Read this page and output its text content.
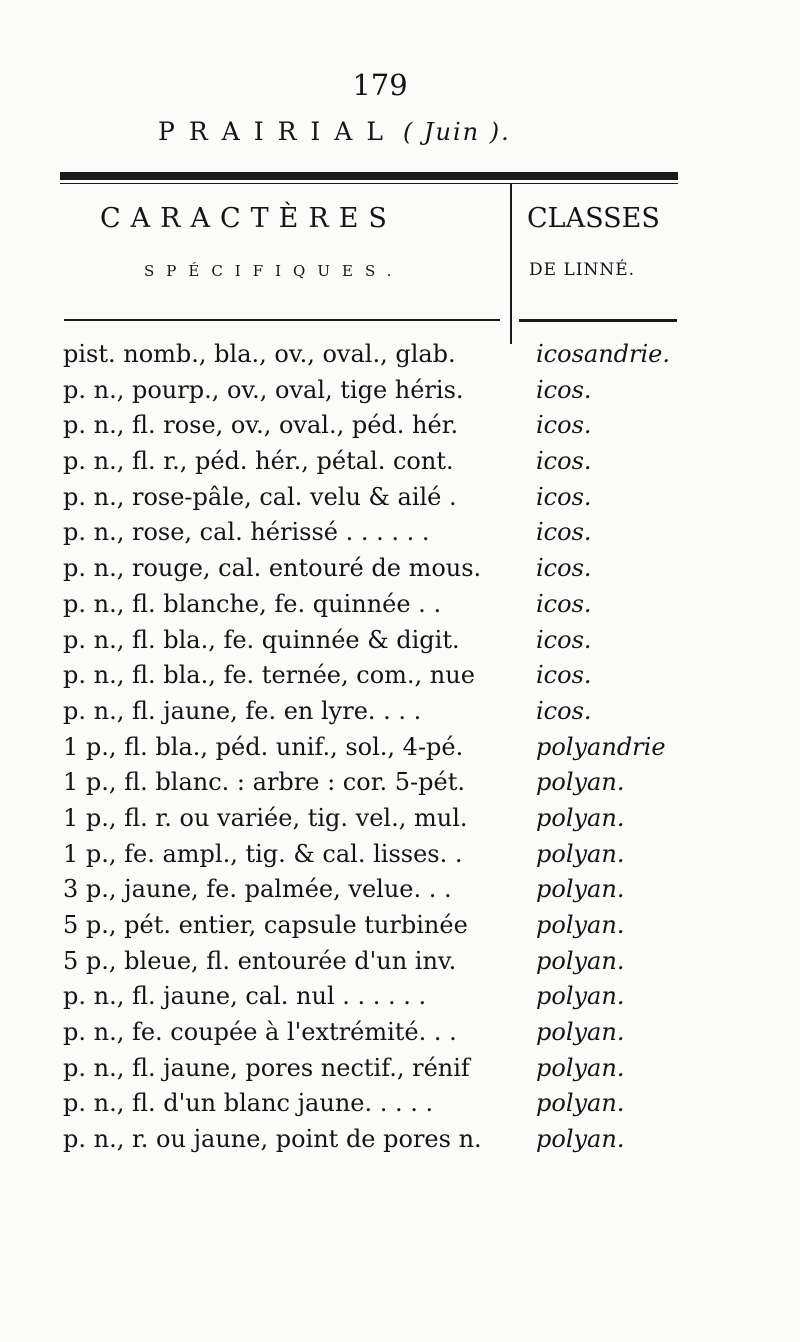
179
PRAIRIAL ( Juin ).
CARACTÈRES
SPÉCIFIQUES.
CLASSES
DE LINNÉ.
pist. nomb., bla., ov., oval., glab.	icosandrie.
p. n., pourp., ov., oval, tige héris.	icos.
p. n., fl. rose, ov., oval., péd. hér.	icos.
p. n., fl. r., péd. hér., pétal. cont.	icos.
p. n., rose-pâle, cal. velu & ailé .	icos.
p. n., rose, cal. hérissé . . . . . .	icos.
p. n., rouge, cal. entouré de mous.	icos.
p. n., fl. blanche, fe. quinnée . .	icos.
p. n., fl. bla., fe. quinnée & digit.	icos.
p. n., fl. bla., fe. ternée, com., nue	icos.
p. n., fl. jaune, fe. en lyre. . . .	icos.
1 p., fl. bla., péd. unif., sol., 4-pé.	polyandrie
1 p., fl. blanc. : arbre : cor. 5-pét.	polyan.
1 p., fl. r. ou variée, tig. vel., mul.	polyan.
1 p., fe. ampl., tig. & cal. lisses. .	polyan.
3 p., jaune, fe. palmée, velue. . .	polyan.
5 p., pét. entier, capsule turbinée	polyan.
5 p., bleue, fl. entourée d'un inv.	polyan.
p. n., fl. jaune, cal. nul . . . . . .	polyan.
p. n., fe. coupée à l'extrémité. . .	polyan.
p. n., fl. jaune, pores nectif., rénif	polyan.
p. n., fl. d'un blanc jaune. . . . .	polyan.
p. n., r. ou jaune, point de pores n.	polyan.
